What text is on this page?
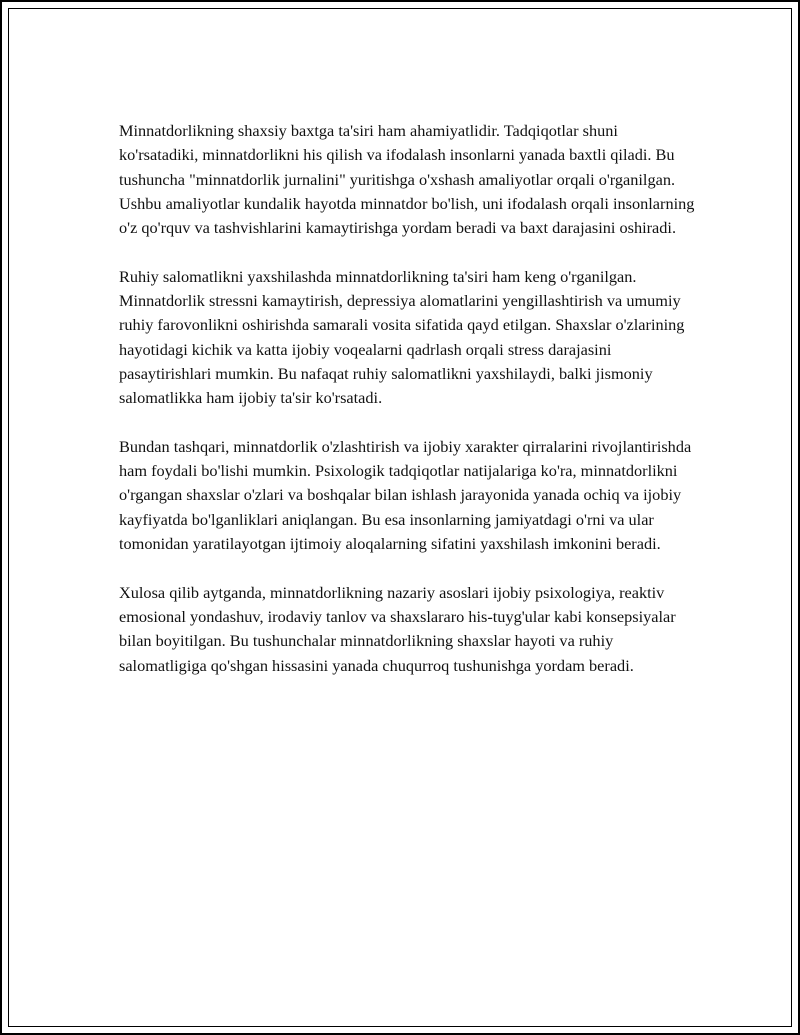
Minnatdorlikning shaxsiy baxtga ta'siri ham ahamiyatlidir. Tadqiqotlar shuni ko'rsatadiki, minnatdorlikni his qilish va ifodalash insonlarni yanada baxtli qiladi. Bu tushuncha "minnatdorlik jurnalini" yuritishga o'xshash amaliyotlar orqali o'rganilgan. Ushbu amaliyotlar kundalik hayotda minnatdor bo'lish, uni ifodalash orqali insonlarning o'z qo'rquv va tashvishlarini kamaytirishga yordam beradi va baxt darajasini oshiradi.

Ruhiy salomatlikni yaxshilashda minnatdorlikning ta'siri ham keng o'rganilgan. Minnatdorlik stressni kamaytirish, depressiya alomatlarini yengillashtirish va umumiy ruhiy farovonlikni oshirishda samarali vosita sifatida qayd etilgan. Shaxslar o'zlarining hayotidagi kichik va katta ijobiy voqealarni qadrlash orqali stress darajasini pasaytirishlari mumkin. Bu nafaqat ruhiy salomatlikni yaxshilaydi, balki jismoniy salomatlikka ham ijobiy ta'sir ko'rsatadi.

Bundan tashqari, minnatdorlik o'zlashtirish va ijobiy xarakter qirralarini rivojlantirishda ham foydali bo'lishi mumkin. Psixologik tadqiqotlar natijalariga ko'ra, minnatdorlikni o'rgangan shaxslar o'zlari va boshqalar bilan ishlash jarayonida yanada ochiq va ijobiy kayfiyatda bo'lganliklari aniqlangan. Bu esa insonlarning jamiyatdagi o'rni va ular tomonidan yaratilayotgan ijtimoiy aloqalarning sifatini yaxshilash imkonini beradi.

Xulosa qilib aytganda, minnatdorlikning nazariy asoslari ijobiy psixologiya, reaktiv emosional yondashuv, irodaviy tanlov va shaxslararo his-tuyg'ular kabi konsepsiyalar bilan boyitilgan. Bu tushunchalar minnatdorlikning shaxslar hayoti va ruhiy salomatligiga qo'shgan hissasini yanada chuqurroq tushunishga yordam beradi.
